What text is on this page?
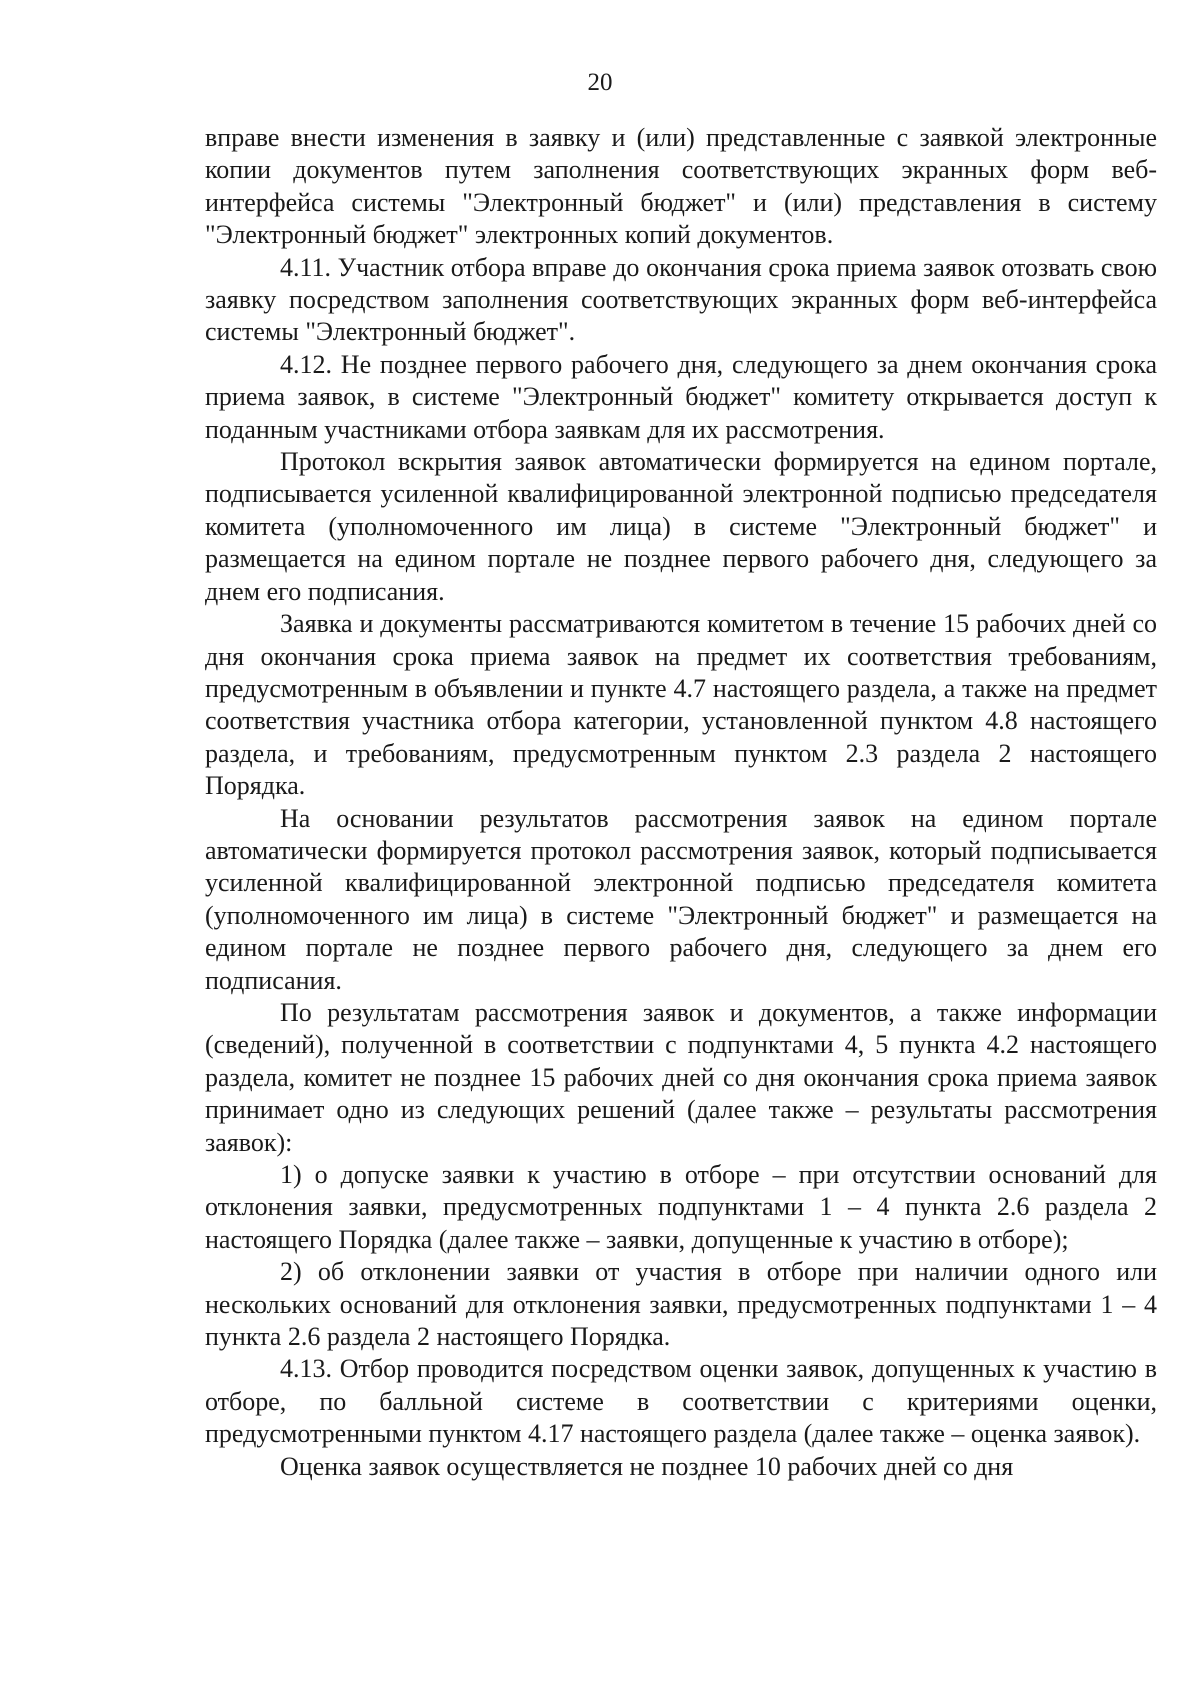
20

вправе внести изменения в заявку и (или) представленные с заявкой электронные копии документов путем заполнения соответствующих экранных форм веб-интерфейса системы "Электронный бюджет" и (или) представления в систему "Электронный бюджет" электронных копий документов.

4.11. Участник отбора вправе до окончания срока приема заявок отозвать свою заявку посредством заполнения соответствующих экранных форм веб-интерфейса системы "Электронный бюджет".

4.12. Не позднее первого рабочего дня, следующего за днем окончания срока приема заявок, в системе "Электронный бюджет" комитету открывается доступ к поданным участниками отбора заявкам для их рассмотрения.

Протокол вскрытия заявок автоматически формируется на едином портале, подписывается усиленной квалифицированной электронной подписью председателя комитета (уполномоченного им лица) в системе "Электронный бюджет" и размещается на едином портале не позднее первого рабочего дня, следующего за днем его подписания.

Заявка и документы рассматриваются комитетом в течение 15 рабочих дней со дня окончания срока приема заявок на предмет их соответствия требованиям, предусмотренным в объявлении и пункте 4.7 настоящего раздела, а также на предмет соответствия участника отбора категории, установленной пунктом 4.8 настоящего раздела, и требованиям, предусмотренным пунктом 2.3 раздела 2 настоящего Порядка.

На основании результатов рассмотрения заявок на едином портале автоматически формируется протокол рассмотрения заявок, который подписывается усиленной квалифицированной электронной подписью председателя комитета (уполномоченного им лица) в системе "Электронный бюджет" и размещается на едином портале не позднее первого рабочего дня, следующего за днем его подписания.

По результатам рассмотрения заявок и документов, а также информации (сведений), полученной в соответствии с подпунктами 4, 5 пункта 4.2 настоящего раздела, комитет не позднее 15 рабочих дней со дня окончания срока приема заявок принимает одно из следующих решений (далее также – результаты рассмотрения заявок):

1) о допуске заявки к участию в отборе – при отсутствии оснований для отклонения заявки, предусмотренных подпунктами 1 – 4 пункта 2.6 раздела 2 настоящего Порядка (далее также – заявки, допущенные к участию в отборе);

2) об отклонении заявки от участия в отборе при наличии одного или нескольких оснований для отклонения заявки, предусмотренных подпунктами 1 – 4 пункта 2.6 раздела 2 настоящего Порядка.

4.13. Отбор проводится посредством оценки заявок, допущенных к участию в отборе, по балльной системе в соответствии с критериями оценки, предусмотренными пунктом 4.17 настоящего раздела (далее также – оценка заявок).

Оценка заявок осуществляется не позднее 10 рабочих дней со дня
